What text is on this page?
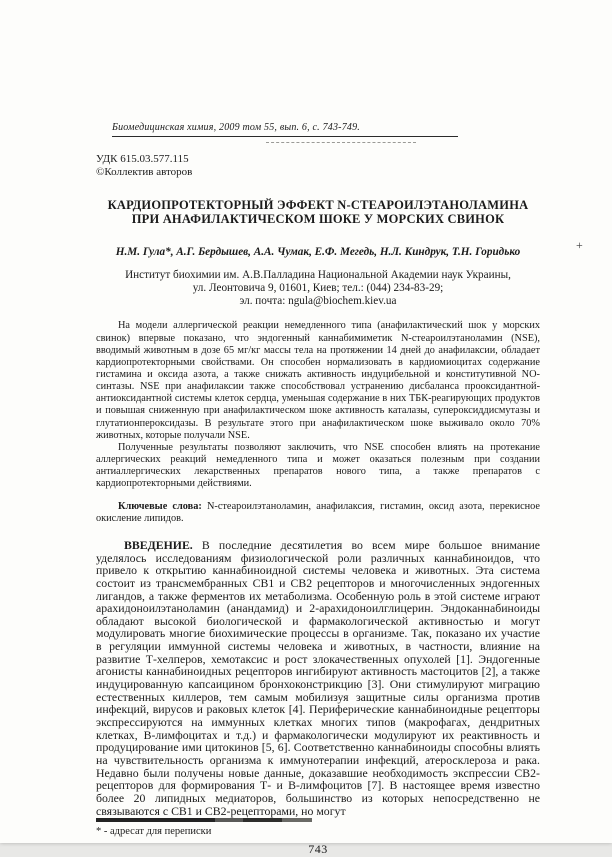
+
Биомедицинская химия, 2009 том 55, вып. 6, с. 743-749.
УДК 615.03.577.115
©Коллектив авторов
КАРДИОПРОТЕКТОРНЫЙ ЭФФЕКТ N-СТЕАРОИЛЭТАНОЛАМИНА
ПРИ АНАФИЛАКТИЧЕСКОМ ШОКЕ У МОРСКИХ СВИНОК
Н.М. Гула*, А.Г. Бердышев, А.А. Чумак, Е.Ф. Мегедь, Н.Л. Киндрук, Т.Н. Горидько
Институт биохимии им. А.В.Палладина Национальной Академии наук Украины,
ул. Леонтовича 9, 01601, Киев; тел.: (044) 234-83-29;
эл. почта: ngula@biochem.kiev.ua

На модели аллергической реакции немедленного типа (анафилактический шок у морских свинок) впервые показано, что эндогенный каннабимиметик N-стеароилэтаноламин (NSE), вводимый животным в дозе 65 мг/кг массы тела на протяжении 14 дней до анафилаксии, обладает кардиопротекторными свойствами. Он способен нормализовать в кардиомиоцитах содержание гистамина и оксида азота, а также снижать активность индуцибельной и конститутивной NO-синтазы. NSE при анафилаксии также способствовал устранению дисбаланса прооксидантной-антиоксидантной системы клеток сердца, уменьшая содержание в них ТБК-реагирующих продуктов и повышая сниженную при анафилактическом шоке активность каталазы, супероксиддисмутазы и глутатионпероксидазы. В результате этого при анафилактическом шоке выживало около 70% животных, которые получали NSE.

Полученные результаты позволяют заключить, что NSE способен влиять на протекание аллергических реакций немедленного типа и может оказаться полезным при создании антиаллергических лекарственных препаратов нового типа, а также препаратов с кардиопротекторными действиями.

Ключевые слова: N-стеароилэтаноламин, анафилаксия, гистамин, оксид азота, перекисное окисление липидов.
ВВЕДЕНИЕ. В последние десятилетия во всем мире большое внимание уделялось исследованиям физиологической роли различных каннабиноидов, что привело к открытию каннабиноидной системы человека и животных. Эта система состоит из трансмембранных СВ1 и СВ2 рецепторов и многочисленных эндогенных лигандов, а также ферментов их метаболизма. Особенную роль в этой системе играют арахидоноилэтаноламин (анандамид) и 2-арахидоноилглицерин. Эндоканнабиноиды обладают высокой биологической и фармакологической активностью и могут модулировать многие биохимические процессы в организме. Так, показано их участие в регуляции иммунной системы человека и животных, в частности, влияние на развитие Т-хелперов, хемотаксис и рост злокачественных опухолей [1]. Эндогенные агонисты каннабиноидных рецепторов ингибируют активность мастоцитов [2], а также индуцированную капсаицином бронхоконстрикцию [3]. Они стимулируют миграцию естественных киллеров, тем самым мобилизуя защитные силы организма против инфекций, вирусов и раковых клеток [4]. Периферические каннабиноидные рецепторы экспрессируются на иммунных клетках многих типов (макрофагах, дендритных клетках, В-лимфоцитах и т.д.) и фармакологически модулируют их реактивность и продуцирование ими цитокинов [5, 6]. Соответственно каннабиноиды способны влиять на чувствительность организма к иммунотерапии инфекций, атеросклероза и рака. Недавно были получены новые данные, доказавшие необходимость экспрессии СВ2-рецепторов для формирования Т- и В-лимфоцитов [7]. В настоящее время известно более 20 липидных медиаторов, большинство из которых непосредственно не связываются с СВ1 и СВ2-рецепторами, но могут
* - адресат для переписки
743
